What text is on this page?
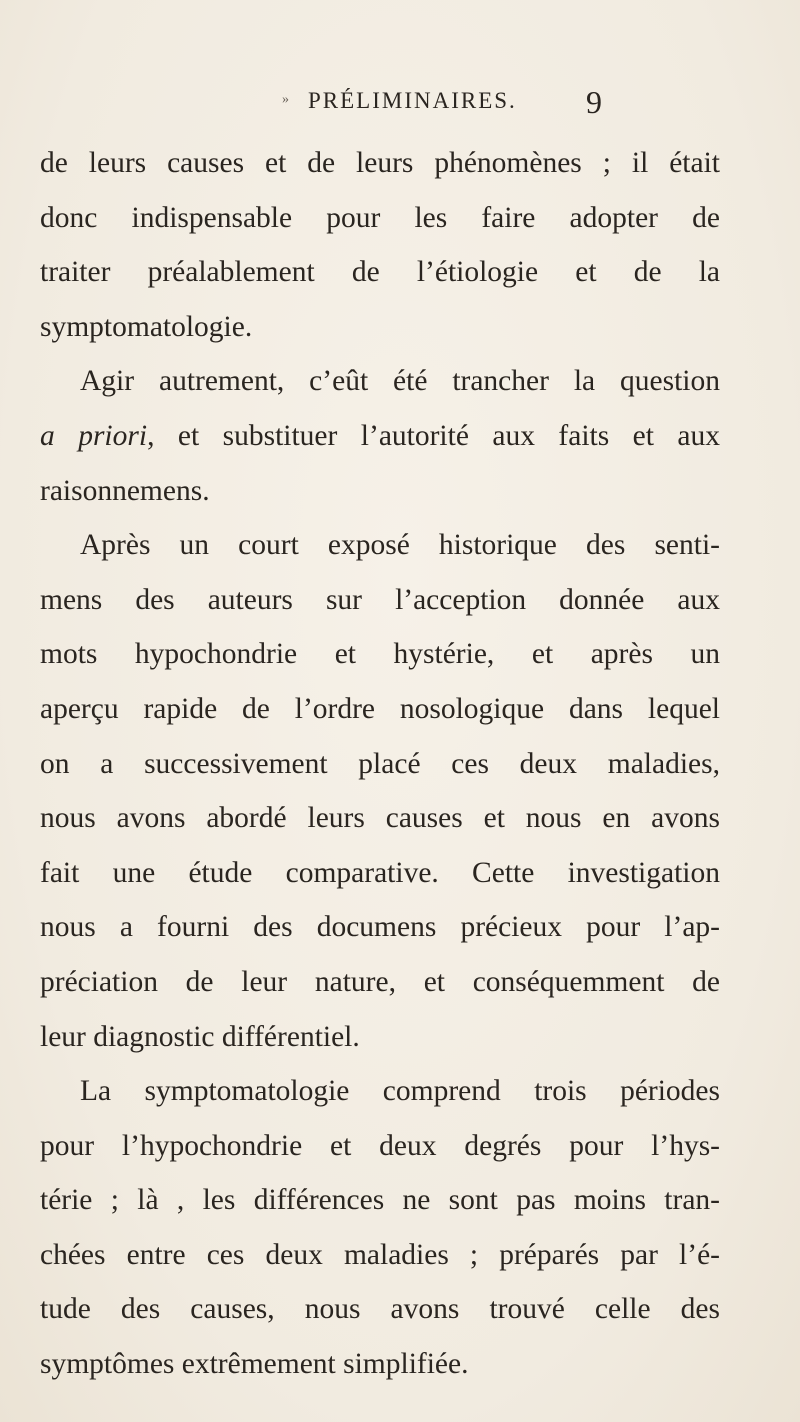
» PRÉLIMINAIRES. 9
de leurs causes et de leurs phénomènes ; il était
donc indispensable pour les faire adopter de
traiter préalablement de l’étiologie et de la
symptomatologie.
Agir autrement, c’eût été trancher la question
a priori, et substituer l’autorité aux faits et aux
raisonnemens.
Après un court exposé historique des senti-
mens des auteurs sur l’acception donnée aux
mots hypochondrie et hystérie, et après un
aperçu rapide de l’ordre nosologique dans lequel
on a successivement placé ces deux maladies,
nous avons abordé leurs causes et nous en avons
fait une étude comparative. Cette investigation
nous a fourni des documens précieux pour l’ap-
préciation de leur nature, et conséquemment de
leur diagnostic différentiel.
La symptomatologie comprend trois périodes
pour l’hypochondrie et deux degrés pour l’hys-
térie ; là , les différences ne sont pas moins tran-
chées entre ces deux maladies ; préparés par l’é-
tude des causes, nous avons trouvé celle des
symptômes extrêmement simplifiée.
